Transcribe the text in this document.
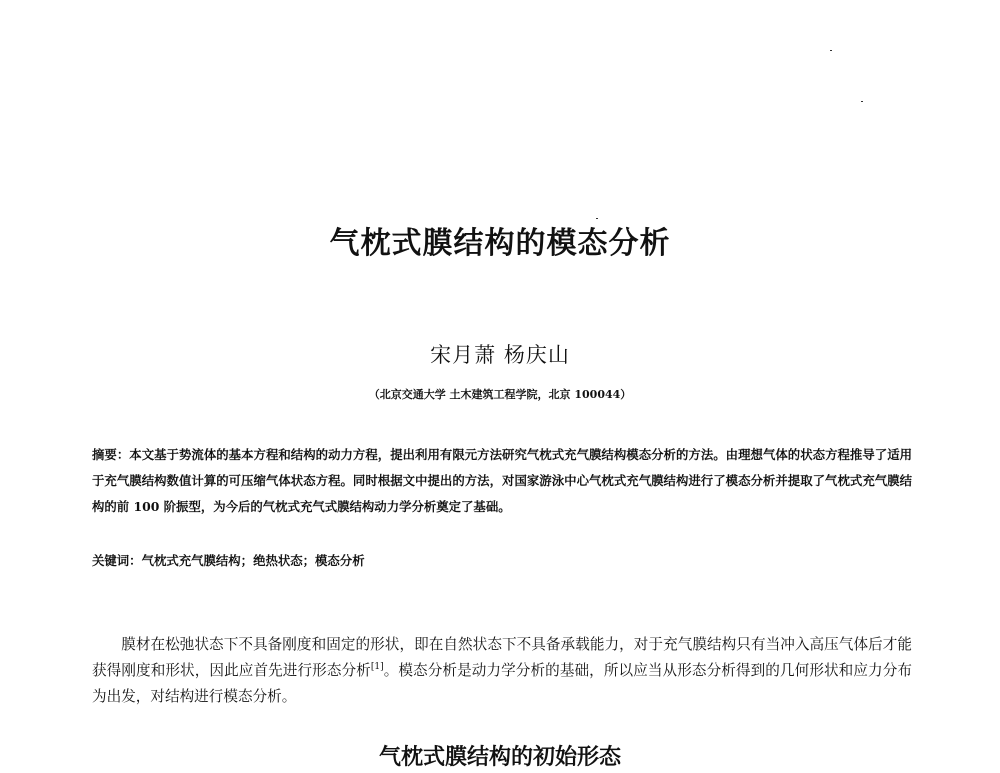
气枕式膜结构的模态分析
宋月萧 杨庆山
（北京交通大学 土木建筑工程学院，北京 100044）
摘要：本文基于势流体的基本方程和结构的动力方程，提出利用有限元方法研究气枕式充气膜结构模态分析的方法。由理想气体的状态方程推导了适用于充气膜结构数值计算的可压缩气体状态方程。同时根据文中提出的方法，对国家游泳中心气枕式充气膜结构进行了模态分析并提取了气枕式充气膜结构的前 100 阶振型，为今后的气枕式充气式膜结构动力学分析奠定了基础。
关键词：气枕式充气膜结构；绝热状态；模态分析
膜材在松弛状态下不具备刚度和固定的形状，即在自然状态下不具备承载能力，对于充气膜结构只有当冲入高压气体后才能获得刚度和形状，因此应首先进行形态分析[1]。模态分析是动力学分析的基础，所以应当从形态分析得到的几何形状和应力分布为出发，对结构进行模态分析。
气枕式膜结构的初始形态
